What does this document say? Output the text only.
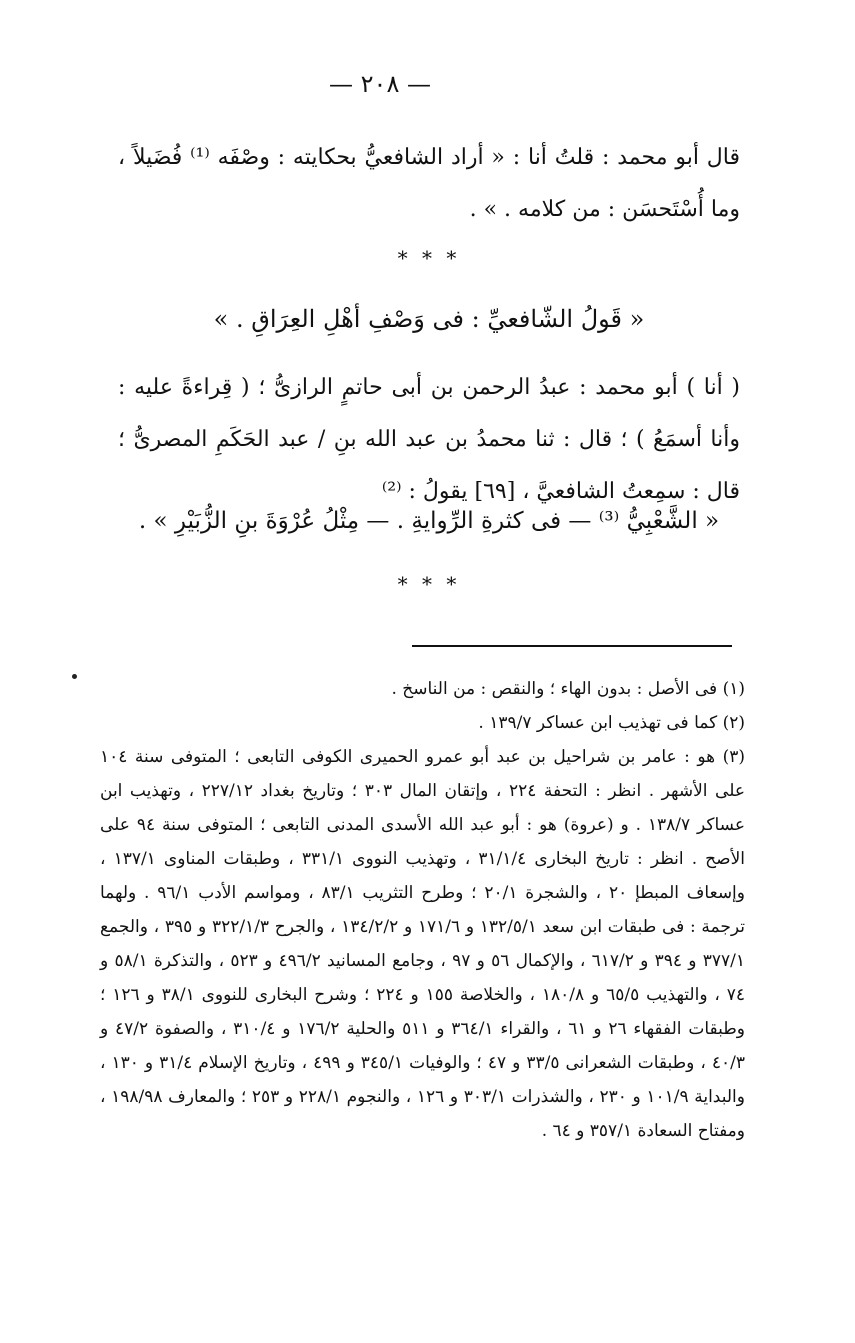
— ٢٠٨ —
قال أبو محمد : قلتُ أنا : « أراد الشافعيُّ بحكايته : وصْفَه ⁽¹⁾ فُضَيلاً ، وما أُسْتَحسَن : من كلامه . » .
* * *
« قَولُ الشّافعيِّ : فى وَصْفِ أهْلِ العِرَاقِ . »
( أنا ) أبو محمد : عبدُ الرحمن بن أبى حاتمٍ الرازىُّ ؛ ( قِراءةً عليه : وأنا أسمَعُ ) ؛ قال : ثنا محمدُ بن عبد الله بنِ / عبد الحَكَمِ المصرىُّ ؛ قال : سمِعتُ الشافعيَّ ، [٦٩] يقولُ : ⁽²⁾
« الشَّعْبِيُّ ⁽³⁾ — فى كثرةِ الرِّوايةِ . — مِثْلُ عُرْوَةَ بنِ الزُّبَيْرِ » .
* * *

(١) فى الأصل : بدون الهاء ؛ والنقص : من الناسخ .

(٢) كما فى تهذيب ابن عساكر ١٣٩/٧ .

(٣) هو : عامر بن شراحيل بن عبد أبو عمرو الحميرى الكوفى التابعى ؛ المتوفى سنة ١٠٤ على الأشهر . انظر : التحفة ٢٢٤ ، وإتقان المال ٣٠٣ ؛ وتاريخ بغداد ٢٢٧/١٢ ، وتهذيب ابن عساكر ١٣٨/٧ . و (عروة) هو : أبو عبد الله الأسدى المدنى التابعى ؛ المتوفى سنة ٩٤ على الأصح . انظر : تاريخ البخارى ٣١/١/٤ ، وتهذيب النووى ٣٣١/١ ، وطبقات المناوى ١٣٧/١ ، وإسعاف المبطإ ٢٠ ، والشجرة ٢٠/١ ؛ وطرح التثريب ٨٣/١ ، ومواسم الأدب ٩٦/١ . ولهما ترجمة : فى طبقات ابن سعد ١٣٢/٥/١ و ١٧١/٦ و ١٣٤/٢/٢ ، والجرح ٣٢٢/١/٣ و ٣٩٥ ، والجمع ٣٧٧/١ و ٣٩٤ و ٦١٧/٢ ، والإكمال ٥٦ و ٩٧ ، وجامع المسانيد ٤٩٦/٢ و ٥٢٣ ، والتذكرة ٥٨/١ و ٧٤ ، والتهذيب ٦٥/٥ و ١٨٠/٨ ، والخلاصة ١٥٥ و ٢٢٤ ؛ وشرح البخارى للنووى ٣٨/١ و ١٢٦ ؛ وطبقات الفقهاء ٢٦ و ٦١ ، والقراء ٣٦٤/١ و ٥١١ والحلية ١٧٦/٢ و ٣١٠/٤ ، والصفوة ٤٧/٢ و ٤٠/٣ ، وطبقات الشعرانى ٣٣/٥ و ٤٧ ؛ والوفيات ٣٤٥/١ و ٤٩٩ ، وتاريخ الإسلام ٣١/٤ و ١٣٠ ، والبداية ١٠١/٩ و ٢٣٠ ، والشذرات ٣٠٣/١ و ١٢٦ ، والنجوم ٢٢٨/١ و ٢٥٣ ؛ والمعارف ١٩٨/٩٨ ، ومفتاح السعادة ٣٥٧/١ و ٦٤ .
